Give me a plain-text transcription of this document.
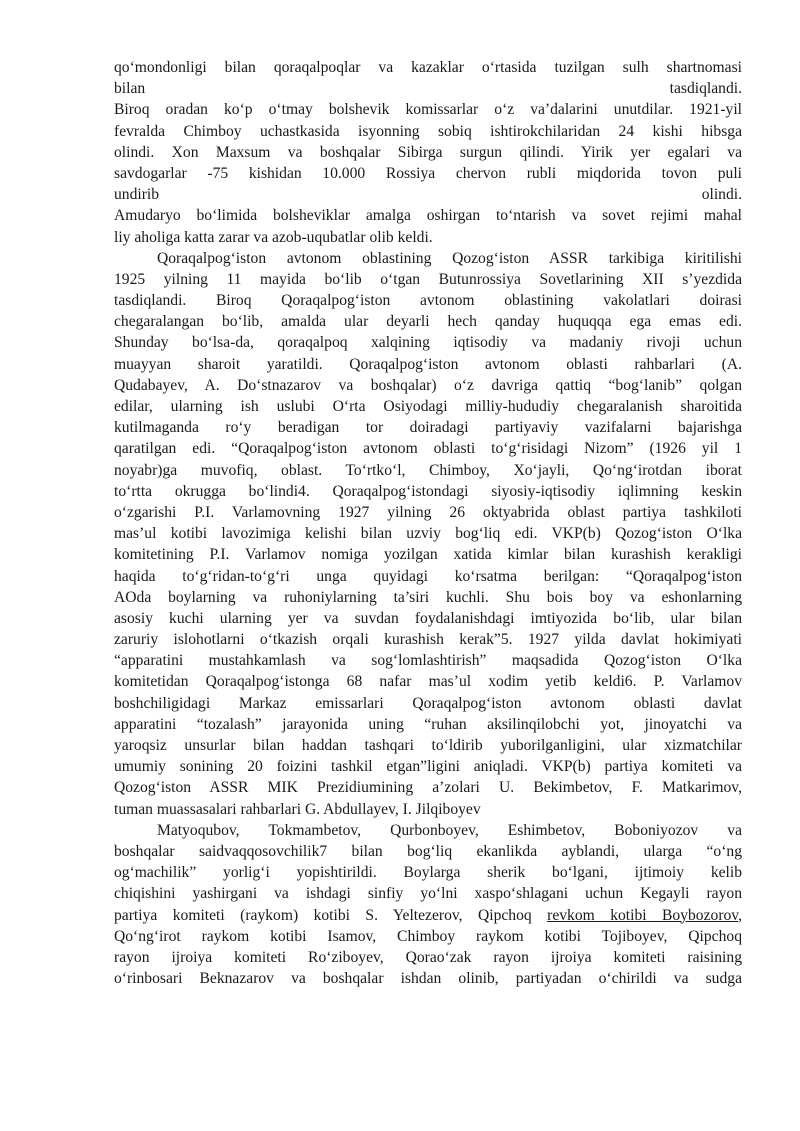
qo‘mondonligi bilan qoraqalpoqlar va kazaklar o‘rtasida tuzilgan sulh shartnomasi
bilan tasdiqlandi.
Biroq oradan ko‘p o‘tmay bolshevik komissarlar o‘z va’dalarini unutdilar. 1921-yil
fevralda Chimboy uchastkasida isyonning sobiq ishtirokchilaridan 24 kishi hibsga
olindi. Xon Maxsum va boshqalar Sibirga surgun qilindi. Yirik yer egalari va
savdogarlar -75 kishidan 10.000 Rossiya chervon rubli miqdorida tovon puli
undirib olindi.
Amudaryo bo‘limida bolsheviklar amalga oshirgan to‘ntarish va sovet rejimi mahal
liy aholiga katta zarar va azob-uqubatlar olib keldi.
Qoraqalpog‘iston avtonom oblastining Qozog‘iston ASSR tarkibiga kiritilishi
1925 yilning 11 mayida bo‘lib o‘tgan Butunrossiya Sovetlarining XII s’yezdida
tasdiqlandi. Biroq Qoraqalpog‘iston avtonom oblastining vakolatlari doirasi
chegaralangan bo‘lib, amalda ular deyarli hech qanday huquqqa ega emas edi.
Shunday bo‘lsa-da, qoraqalpoq xalqining iqtisodiy va madaniy rivoji uchun
muayyan sharoit yaratildi. Qoraqalpog‘iston avtonom oblasti rahbarlari (A.
Qudabayev, A. Do‘stnazarov va boshqalar) o‘z davriga qattiq “bog‘lanib” qolgan
edilar, ularning ish uslubi O‘rta Osiyodagi milliy-hududiy chegaralanish sharoitida
kutilmaganda ro‘y beradigan tor doiradagi partiyaviy vazifalarni bajarishga
qaratilgan edi. “Qoraqalpog‘iston avtonom oblasti to‘g‘risidagi Nizom” (1926 yil 1
noyabr)ga muvofiq, oblast. To‘rtko‘l, Chimboy, Xo‘jayli, Qo‘ng‘irotdan iborat
to‘rtta okrugga bo‘lindi4. Qoraqalpog‘istondagi siyosiy-iqtisodiy iqlimning keskin
o‘zgarishi P.I. Varlamovning 1927 yilning 26 oktyabrida oblast partiya tashkiloti
mas’ul kotibi lavozimiga kelishi bilan uzviy bog‘liq edi. VKP(b) Qozog‘iston O‘lka
komitetining P.I. Varlamov nomiga yozilgan xatida kimlar bilan kurashish kerakligi
haqida to‘g‘ridan-to‘g‘ri unga quyidagi ko‘rsatma berilgan: “Qoraqalpog‘iston
AOda boylarning va ruhoniylarning ta’siri kuchli. Shu bois boy va eshonlarning
asosiy kuchi ularning yer va suvdan foydalanishdagi imtiyozida bo‘lib, ular bilan
zaruriy islohotlarni o‘tkazish orqali kurashish kerak”5. 1927 yilda davlat hokimiyati
“apparatini mustahkamlash va sog‘lomlashtirish” maqsadida Qozog‘iston O‘lka
komitetidan Qoraqalpog‘istonga 68 nafar mas’ul xodim yetib keldi6. P. Varlamov
boshchiligidagi Markaz emissarlari Qoraqalpog‘iston avtonom oblasti davlat
apparatini “tozalash” jarayonida uning “ruhan aksilinqilobchi yot, jinoyatchi va
yaroqsiz unsurlar bilan haddan tashqari to‘ldirib yuborilganligini, ular xizmatchilar
umumiy sonining 20 foizini tashkil etgan”ligini aniqladi. VKP(b) partiya komiteti va
Qozog‘iston ASSR MIK Prezidiumining a’zolari U. Bekimbetov, F. Matkarimov,
tuman muassasalari rahbarlari G. Abdullayev, I. Jilqiboyev
Matyoqubov, Tokmambetov, Qurbonboyev, Eshimbetov, Boboniyozov va
boshqalar saidvaqqosovchilik7 bilan bog‘liq ekanlikda ayblandi, ularga “o‘ng
og‘machilik” yorlig‘i yopishtirildi. Boylarga sherik bo‘lgani, ijtimoiy kelib
chiqishini yashirgani va ishdagi sinfiy yo‘lni xaspo‘shlagani uchun Kegayli rayon
partiya komiteti (raykom) kotibi S. Yeltezerov, Qipchoq revkom kotibi Boybozorov,
Qo‘ng‘irot raykom kotibi Isamov, Chimboy raykom kotibi Tojiboyev, Qipchoq
rayon ijroiya komiteti Ro‘ziboyev, Qorao‘zak rayon ijroiya komiteti raisining
o‘rinbosari Beknazarov va boshqalar ishdan olinib, partiyadan o‘chirildi va sudga
